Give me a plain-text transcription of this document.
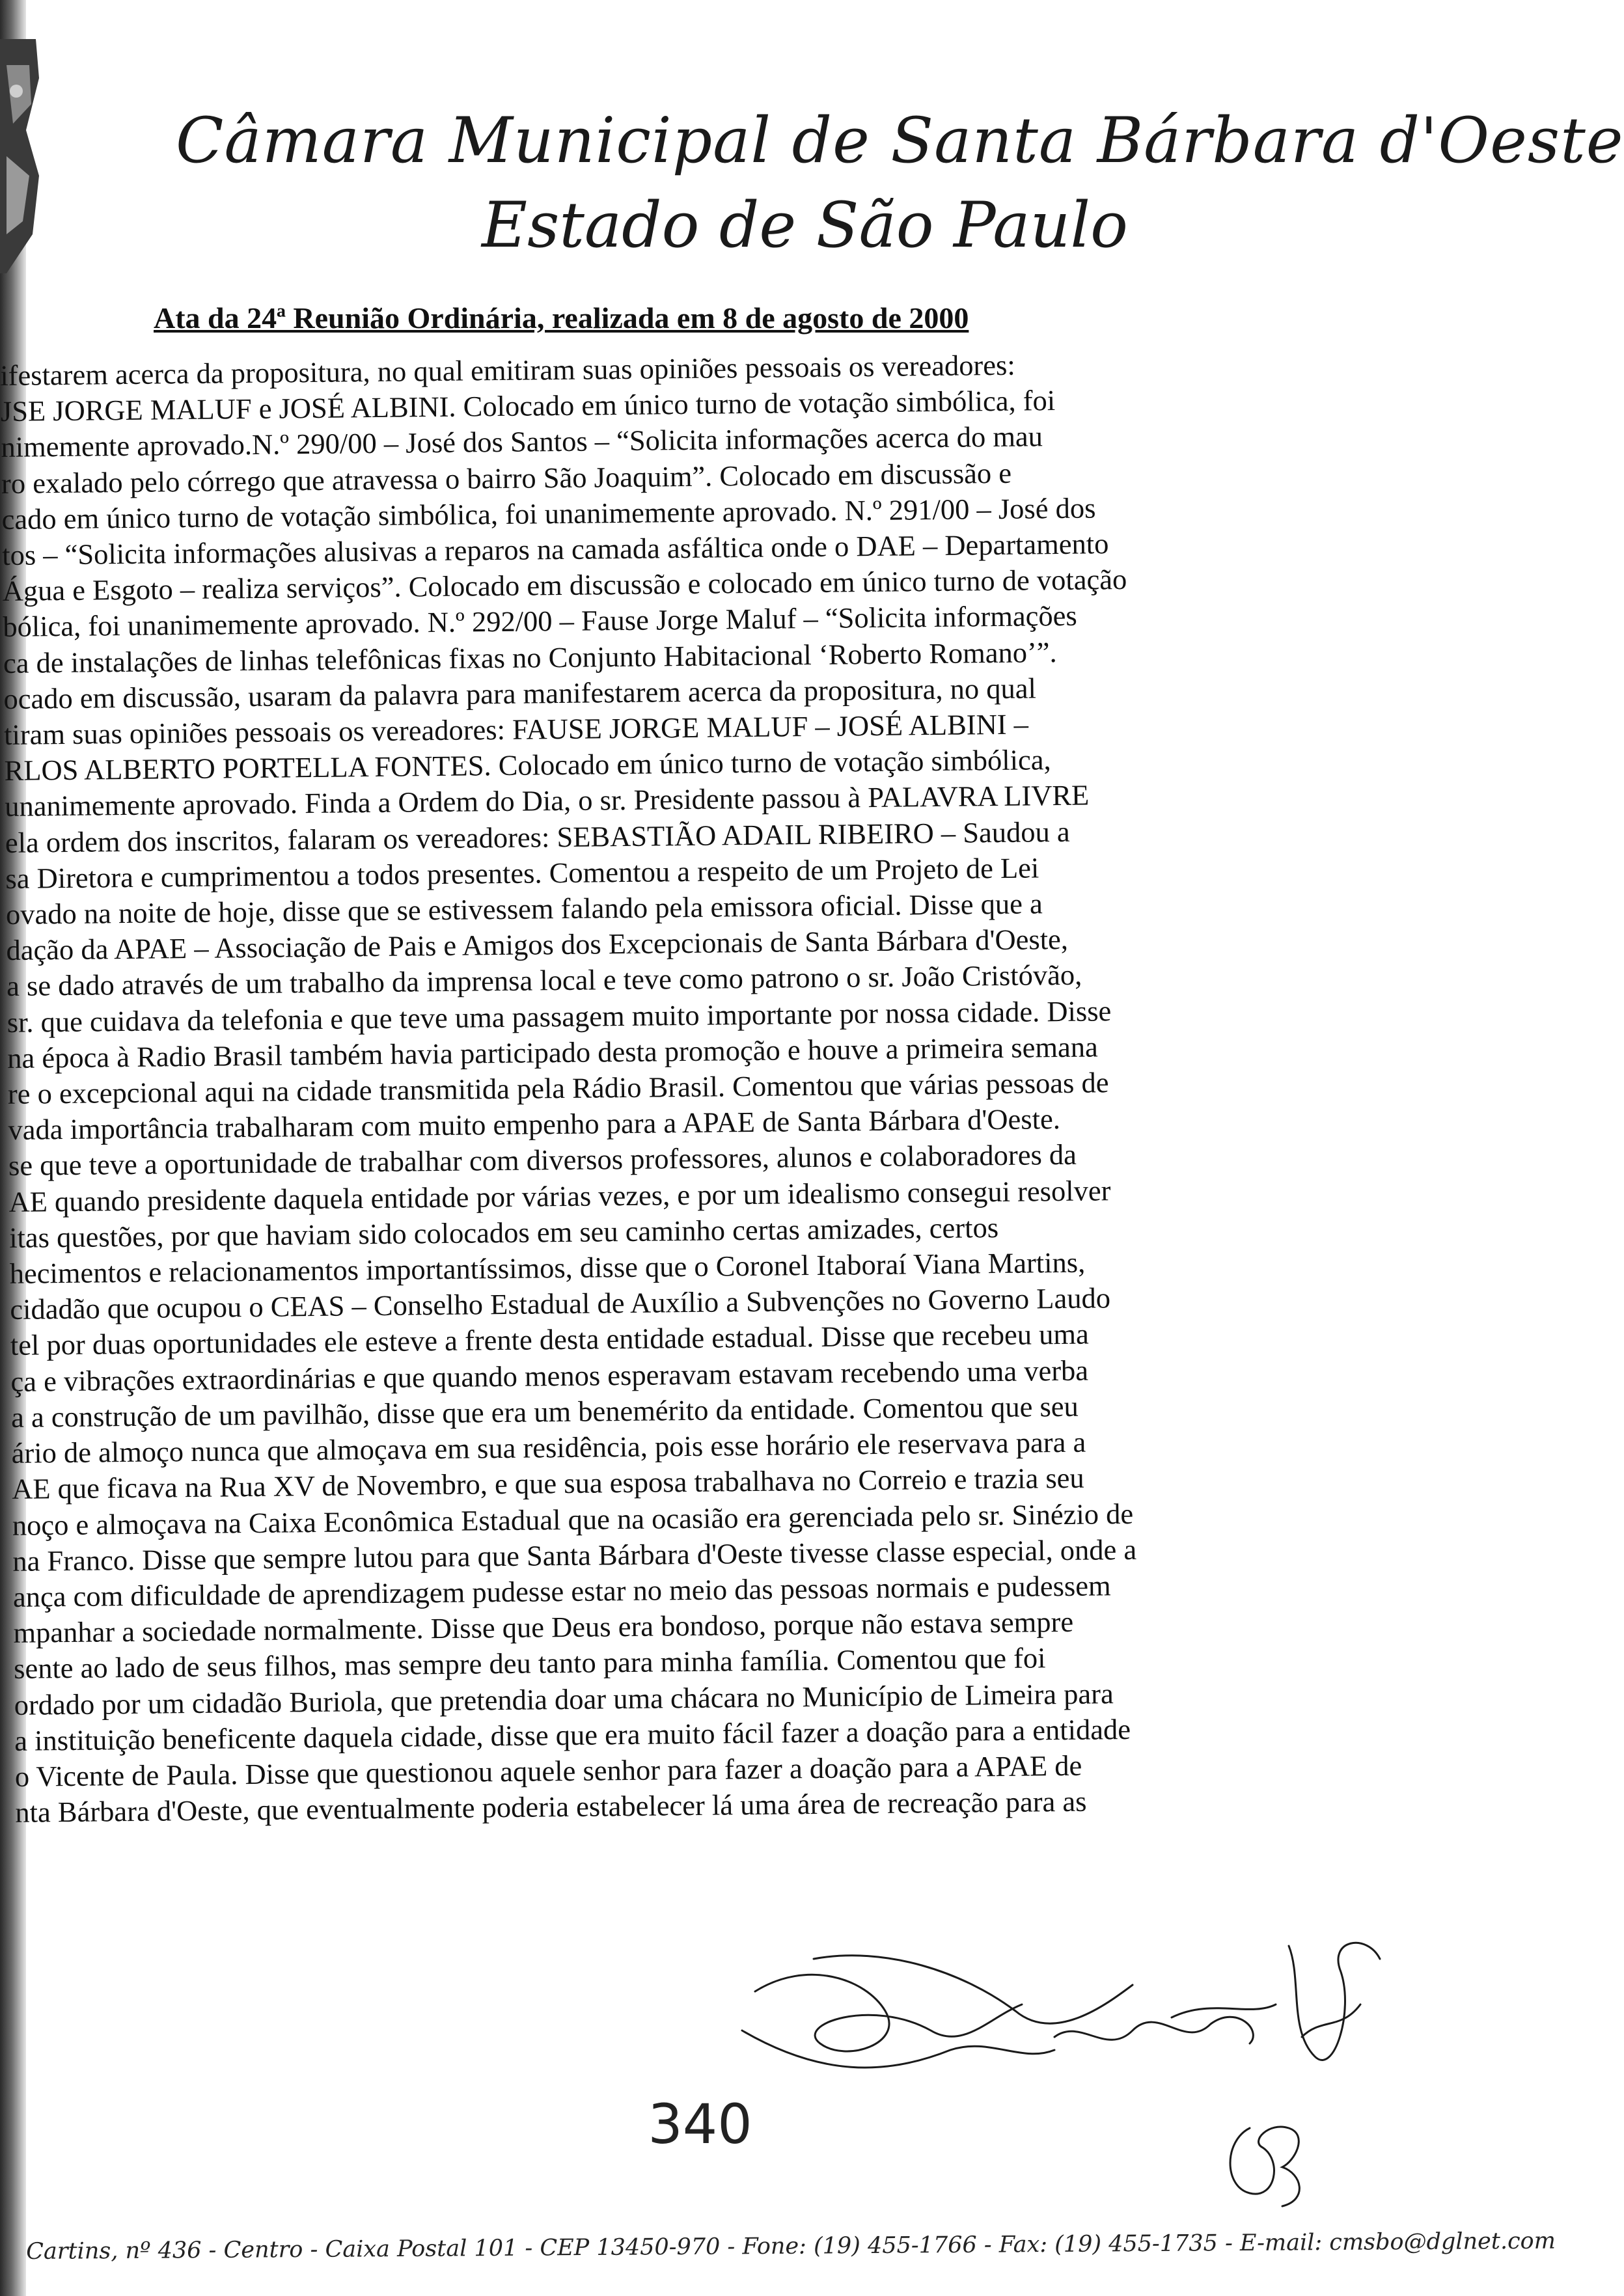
Câmara Municipal de Santa Bárbara d'Oeste
Estado de São Paulo
Ata da 24ª Reunião Ordinária, realizada em 8 de agosto de 2000

ifestarem acerca da propositura, no qual emitiram suas opiniões pessoais os vereadores:

JSE JORGE MALUF e JOSÉ ALBINI. Colocado em único turno de votação simbólica, foi

nimemente aprovado.N.º 290/00 – José dos Santos – “Solicita informações acerca do mau

ro exalado pelo córrego que atravessa o bairro São Joaquim”. Colocado em discussão e

cado em único turno de votação simbólica, foi unanimemente aprovado. N.º 291/00 – José dos

tos – “Solicita informações alusivas a reparos na camada asfáltica onde o DAE – Departamento

Água e Esgoto – realiza serviços”. Colocado em discussão e colocado em único turno de votação

bólica, foi unanimemente aprovado. N.º 292/00 – Fause Jorge Maluf – “Solicita informações

ca de instalações de linhas telefônicas fixas no Conjunto Habitacional ‘Roberto Romano’”.

ocado em discussão, usaram da palavra para manifestarem acerca da propositura, no qual

tiram suas opiniões pessoais os vereadores: FAUSE JORGE MALUF – JOSÉ ALBINI –

RLOS ALBERTO PORTELLA FONTES. Colocado em único turno de votação simbólica,

unanimemente aprovado. Finda a Ordem do Dia, o sr. Presidente passou à PALAVRA LIVRE

ela ordem dos inscritos, falaram os vereadores: SEBASTIÃO ADAIL RIBEIRO – Saudou a

sa Diretora e cumprimentou a todos presentes. Comentou a respeito de um Projeto de Lei

ovado na noite de hoje, disse que se estivessem falando pela emissora oficial. Disse que a

dação da APAE – Associação de Pais e Amigos dos Excepcionais de Santa Bárbara d'Oeste,

a se dado através de um trabalho da imprensa local e teve como patrono o sr. João Cristóvão,

sr. que cuidava da telefonia e que teve uma passagem muito importante por nossa cidade. Disse

na época à Radio Brasil também havia participado desta promoção e houve a primeira semana

re o excepcional aqui na cidade transmitida pela Rádio Brasil. Comentou que várias pessoas de

vada importância trabalharam com muito empenho para a APAE de Santa Bárbara d'Oeste.

se que teve a oportunidade de trabalhar com diversos professores, alunos e colaboradores da

AE quando presidente daquela entidade por várias vezes, e por um idealismo consegui resolver

itas questões, por que haviam sido colocados em seu caminho certas amizades, certos

hecimentos e relacionamentos importantíssimos, disse que o Coronel Itaboraí Viana Martins,

cidadão que ocupou o CEAS – Conselho Estadual de Auxílio a Subvenções no Governo Laudo

tel por duas oportunidades ele esteve a frente desta entidade estadual. Disse que recebeu uma

ça e vibrações extraordinárias e que quando menos esperavam estavam recebendo uma verba

a a construção de um pavilhão, disse que era um benemérito da entidade. Comentou que seu

ário de almoço nunca que almoçava em sua residência, pois esse horário ele reservava para a

AE que ficava na Rua XV de Novembro, e que sua esposa trabalhava no Correio e trazia seu

noço e almoçava na Caixa Econômica Estadual que na ocasião era gerenciada pelo sr. Sinézio de

na Franco. Disse que sempre lutou para que Santa Bárbara d'Oeste tivesse classe especial, onde a

ança com dificuldade de aprendizagem pudesse estar no meio das pessoas normais e pudessem

mpanhar a sociedade normalmente. Disse que Deus era bondoso, porque não estava sempre

sente ao lado de seus filhos, mas sempre deu tanto para minha família. Comentou que foi

ordado por um cidadão Buriola, que pretendia doar uma chácara no Município de Limeira para

a instituição beneficente daquela cidade, disse que era muito fácil fazer a doação para a entidade

o Vicente de Paula. Disse que questionou aquele senhor para fazer a doação para a APAE de

nta Bárbara d'Oeste, que eventualmente poderia estabelecer lá uma área de recreação para as

340
Cartins, nº 436 - Centro - Caixa Postal 101 - CEP 13450-970 - Fone: (19) 455-1766 - Fax: (19) 455-1735 - E-mail: cmsbo@dglnet.com
